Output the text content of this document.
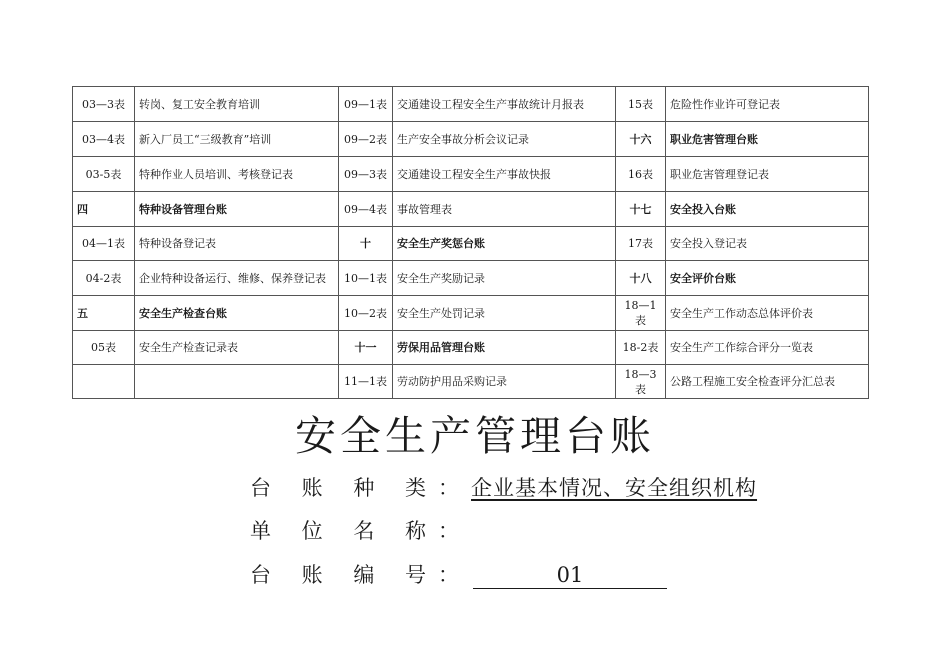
03—3表	转岗、复工安全教育培训	09—1表	交通建设工程安全生产事故统计月报表	15表	危险性作业许可登记表
03—4表	新入厂员工“三级教育”培训	09—2表	生产安全事故分析会议记录	十六	职业危害管理台账
03-5表	特种作业人员培训、考核登记表	09—3表	交通建设工程安全生产事故快报	16表	职业危害管理登记表
四	特种设备管理台账	09—4表	事故管理表	十七	安全投入台账
04—1表	特种设备登记表	十	安全生产奖惩台账	17表	安全投入登记表
04-2表	企业特种设备运行、维修、保养登记表	10—1表	安全生产奖励记录	十八	安全评价台账
五	安全生产检查台账	10—2表	安全生产处罚记录	18—1表	安全生产工作动态总体评价表
05表	安全生产检查记录表	十一	劳保用品管理台账	18-2表	安全生产工作综合评分一览表
		11—1表	劳动防护用品采购记录	18—3表	公路工程施工安全检查评分汇总表
安全生产管理台账
台 账 种 类：企业基本情况、安全组织机构
单 位 名 称：
台 账 编 号：	01
